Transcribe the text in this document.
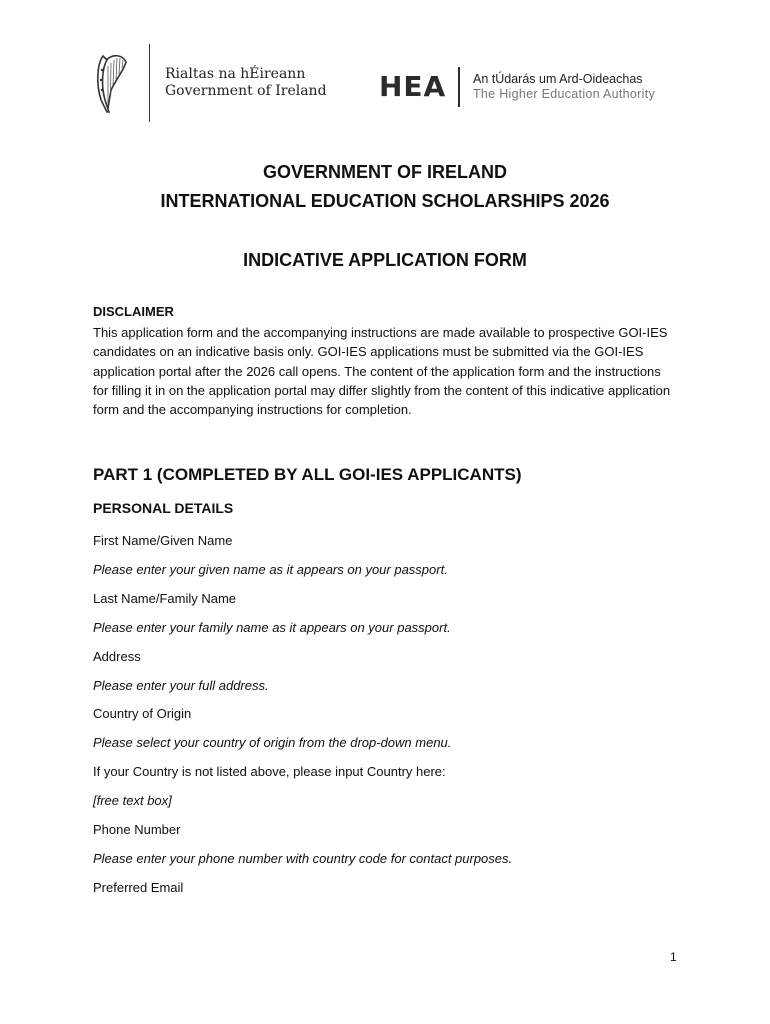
Rialtas na hÉireann
Government of Ireland HEA An tÚdarás um Ard-Oideachas
The Higher Education Authority
GOVERNMENT OF IRELAND
INTERNATIONAL EDUCATION SCHOLARSHIPS 2026
INDICATIVE APPLICATION FORM
DISCLAIMER
This application form and the accompanying instructions are made available to prospective GOI-IES candidates on an indicative basis only. GOI-IES applications must be submitted via the GOI-IES application portal after the 2026 call opens. The content of the application form and the instructions for filling it in on the application portal may differ slightly from the content of this indicative application form and the accompanying instructions for completion.
PART 1 (COMPLETED BY ALL GOI-IES APPLICANTS)
PERSONAL DETAILS
First Name/Given Name
Please enter your given name as it appears on your passport.
Last Name/Family Name
Please enter your family name as it appears on your passport.
Address
Please enter your full address.
Country of Origin
Please select your country of origin from the drop-down menu.
If your Country is not listed above, please input Country here:
[free text box]
Phone Number
Please enter your phone number with country code for contact purposes.
Preferred Email
1
